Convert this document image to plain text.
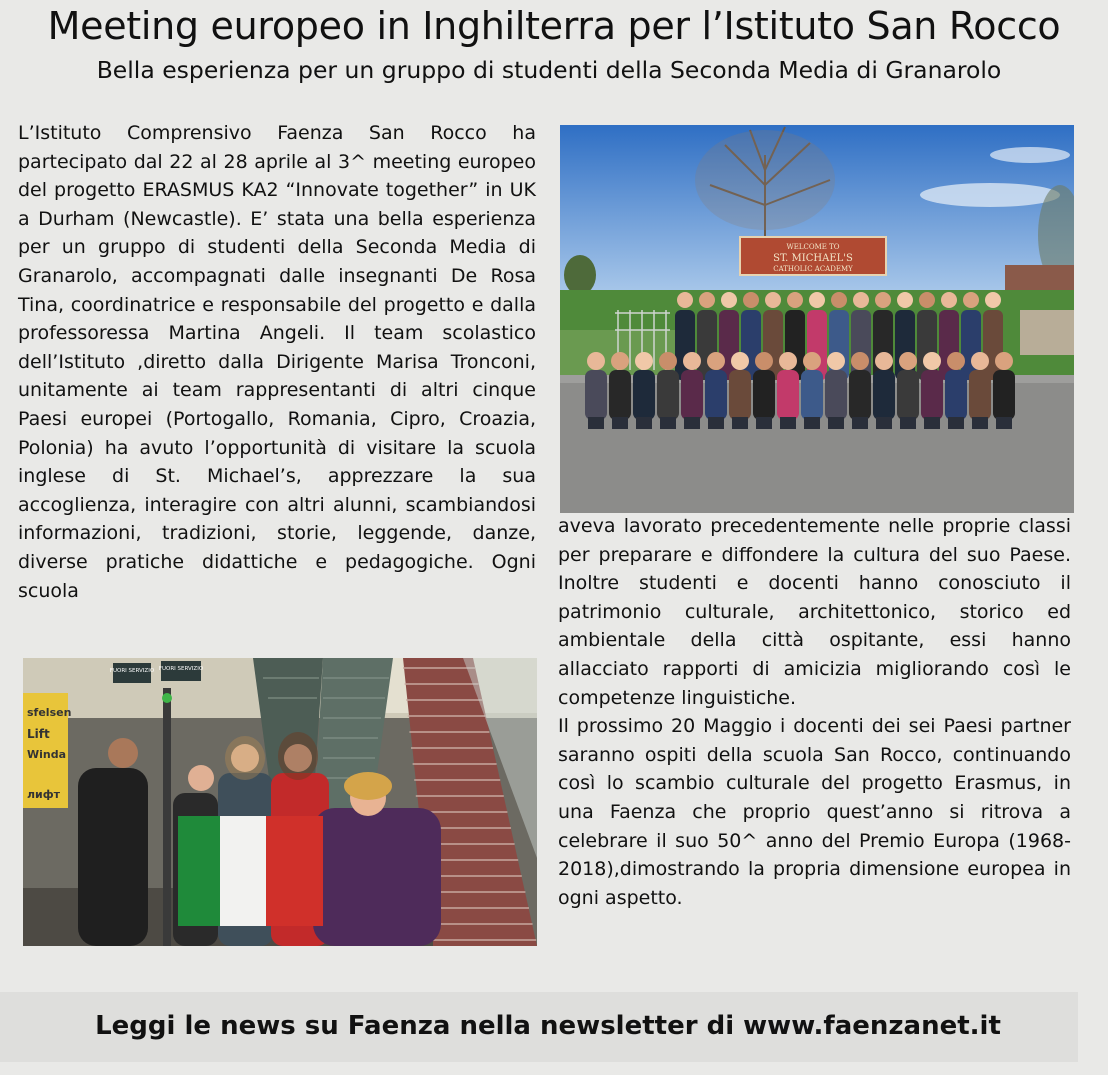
Meeting europeo in Inghilterra per l’Istituto San Rocco
Bella esperienza per un gruppo di studenti della Seconda Media di Granarolo

L’Istituto Comprensivo Faenza San Rocco ha partecipato dal 22 al 28 aprile al 3^ meeting europeo del progetto ERASMUS KA2 “Innovate together” in UK a Durham (Newcastle). E’ stata una bella esperienza per un gruppo di studenti della Seconda Media di Granarolo, accompagnati dalle insegnanti De Rosa Tina, coordinatrice e responsabile del progetto e dalla professoressa Martina Angeli. Il team scolastico dell’Istituto ,diretto dalla Dirigente Marisa Tronconi, unitamente ai team rappresentanti di altri cinque Paesi europei (Portogallo, Romania, Cipro, Croazia, Polonia) ha avuto l’opportunità di visitare la scuola inglese di St. Michael’s, apprezzare la sua accoglienza, interagire con altri alunni, scambiandosi informazioni, tradizioni, storie, leggende, danze, diverse pratiche didattiche e pedagogiche. Ogni scuola

WELCOME TO
ST. MICHAEL'S
CATHOLIC ACADEMY
sfelsen
Lift
Winda
лифт
FUORI SERVIZIO FUORI SERVIZIO

aveva lavorato precedentemente nelle proprie classi per preparare e diffondere la cultura del suo Paese. Inoltre studenti e docenti hanno conosciuto il patrimonio culturale, architettonico, storico ed ambientale della città ospitante, essi hanno allacciato rapporti di amicizia migliorando così le competenze linguistiche.

Il prossimo 20 Maggio i docenti dei sei Paesi partner saranno ospiti della scuola San Rocco, continuando così lo scambio culturale del progetto Erasmus, in una Faenza che proprio quest’anno si ritrova a celebrare il suo 50^ anno del Premio Europa (1968-2018),dimostrando la propria dimensione europea in ogni aspetto.

Leggi le news su Faenza nella newsletter di www.faenzanet.it
